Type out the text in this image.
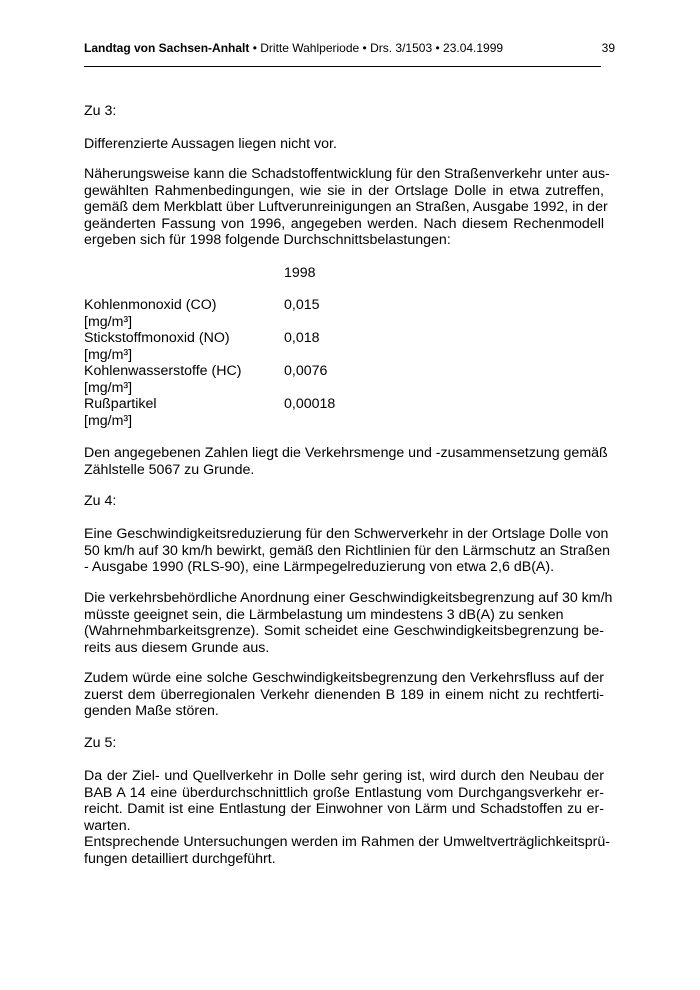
Landtag von Sachsen-Anhalt • Dritte Wahlperiode • Drs. 3/1503 • 23.04.1999	39

Zu 3:

Differenzierte Aussagen liegen nicht vor.

Näherungsweise kann die Schadstoffentwicklung für den Straßenverkehr unter aus-
gewählten Rahmenbedingungen, wie sie in der Ortslage Dolle in etwa zutreffen,
gemäß dem Merkblatt über Luftverunreinigungen an Straßen, Ausgabe 1992, in der
geänderten Fassung von 1996, angegeben werden. Nach diesem Rechenmodell
ergeben sich für 1998 folgende Durchschnittsbelastungen:
1998
Kohlenmonoxid (CO)
[mg/m³]
0,015
Stickstoffmonoxid (NO)
[mg/m³]
0,018
Kohlenwasserstoffe (HC)
[mg/m³]
0,0076
Rußpartikel
[mg/m³]
0,00018
Den angegebenen Zahlen liegt die Verkehrsmenge und -zusammensetzung gemäß
Zählstelle 5067 zu Grunde.

Zu 4:

Eine Geschwindigkeitsreduzierung für den Schwerverkehr in der Ortslage Dolle von
50 km/h auf 30 km/h bewirkt, gemäß den Richtlinien für den Lärmschutz an Straßen
- Ausgabe 1990 (RLS-90), eine Lärmpegelreduzierung von etwa 2,6 dB(A).
Die verkehrsbehördliche Anordnung einer Geschwindigkeitsbegrenzung auf 30 km/h
müsste geeignet sein, die Lärmbelastung um mindestens 3 dB(A) zu senken
(Wahrnehmbarkeitsgrenze). Somit scheidet eine Geschwindigkeitsbegrenzung be-
reits aus diesem Grunde aus.
Zudem würde eine solche Geschwindigkeitsbegrenzung den Verkehrsfluss auf der
zuerst dem überregionalen Verkehr dienenden B 189 in einem nicht zu rechtferti-
genden Maße stören.

Zu 5:

Da der Ziel- und Quellverkehr in Dolle sehr gering ist, wird durch den Neubau der
BAB A 14 eine überdurchschnittlich große Entlastung vom Durchgangsverkehr er-
reicht. Damit ist eine Entlastung der Einwohner von Lärm und Schadstoffen zu er-
warten.
Entsprechende Untersuchungen werden im Rahmen der Umweltverträglichkeitsprü-
fungen detailliert durchgeführt.
